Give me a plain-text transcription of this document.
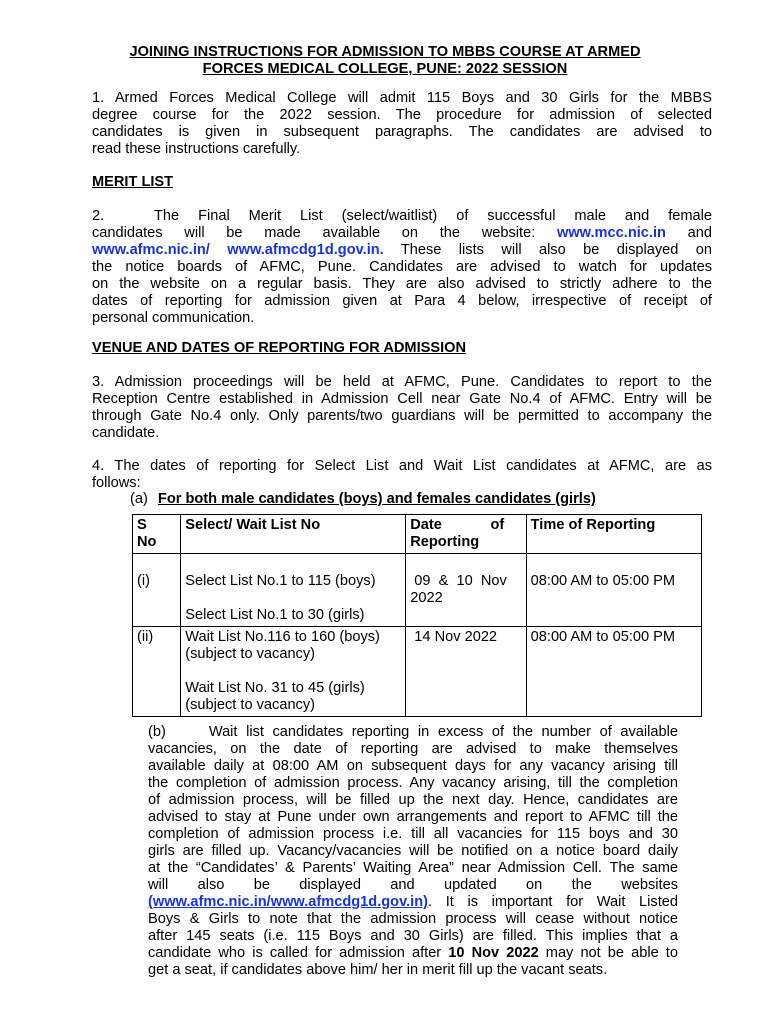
JOINING INSTRUCTIONS FOR ADMISSION TO MBBS COURSE AT ARMED
FORCES MEDICAL COLLEGE, PUNE: 2022 SESSION
1. Armed Forces Medical College will admit 115 Boys and 30 Girls for the MBBS
degree course for the 2022 session. The procedure for admission of selected
candidates is given in subsequent paragraphs. The candidates are advised to
read these instructions carefully.
MERIT LIST
2.	The Final Merit List (select/waitlist) of successful male and female
candidates will be made available on the website: www.mcc.nic.in and
www.afmc.nic.in/ www.afmcdg1d.gov.in. These lists will also be displayed on
the notice boards of AFMC, Pune. Candidates are advised to watch for updates
on the website on a regular basis. They are also advised to strictly adhere to the
dates of reporting for admission given at Para 4 below, irrespective of receipt of
personal communication.
VENUE AND DATES OF REPORTING FOR ADMISSION
3. Admission proceedings will be held at AFMC, Pune. Candidates to report to the
Reception Centre established in Admission Cell near Gate No.4 of AFMC. Entry will be
through Gate No.4 only. Only parents/two guardians will be permitted to accompany the
candidate.
4. The dates of reporting for Select List and Wait List candidates at AFMC, are as
follows:
(a) For both male candidates (boys) and females candidates (girls)
S
No	Select/ Wait List No	Date            of
Reporting	Time of Reporting
(i)	Select List No.1 to 115 (boys)

Select List No.1 to 30 (girls)	09  &  10  Nov
2022	08:00 AM to 05:00 PM
(ii)	Wait List No.116 to 160 (boys)
(subject to vacancy)

Wait List No. 31 to 45 (girls)
(subject to vacancy)	14 Nov 2022	08:00 AM to 05:00 PM
(b)     Wait list candidates reporting in excess of the number of available
vacancies, on the date of reporting are advised to make themselves
available daily at 08:00 AM on subsequent days for any vacancy arising till
the completion of admission process. Any vacancy arising, till the completion
of admission process, will be filled up the next day. Hence, candidates are
advised to stay at Pune under own arrangements and report to AFMC till the
completion of admission process i.e. till all vacancies for 115 boys and 30
girls are filled up. Vacancy/vacancies will be notified on a notice board daily
at the “Candidates’ & Parents’ Waiting Area” near Admission Cell. The same
will       also       be       displayed       and       updated       on       the       websites
(www.afmc.nic.in/www.afmcdg1d.gov.in). It is important for Wait Listed
Boys & Girls to note that the admission process will cease without notice
after 145 seats (i.e. 115 Boys and 30 Girls) are filled. This implies that a
candidate who is called for admission after 10 Nov 2022 may not be able to
get a seat, if candidates above him/ her in merit fill up the vacant seats.
